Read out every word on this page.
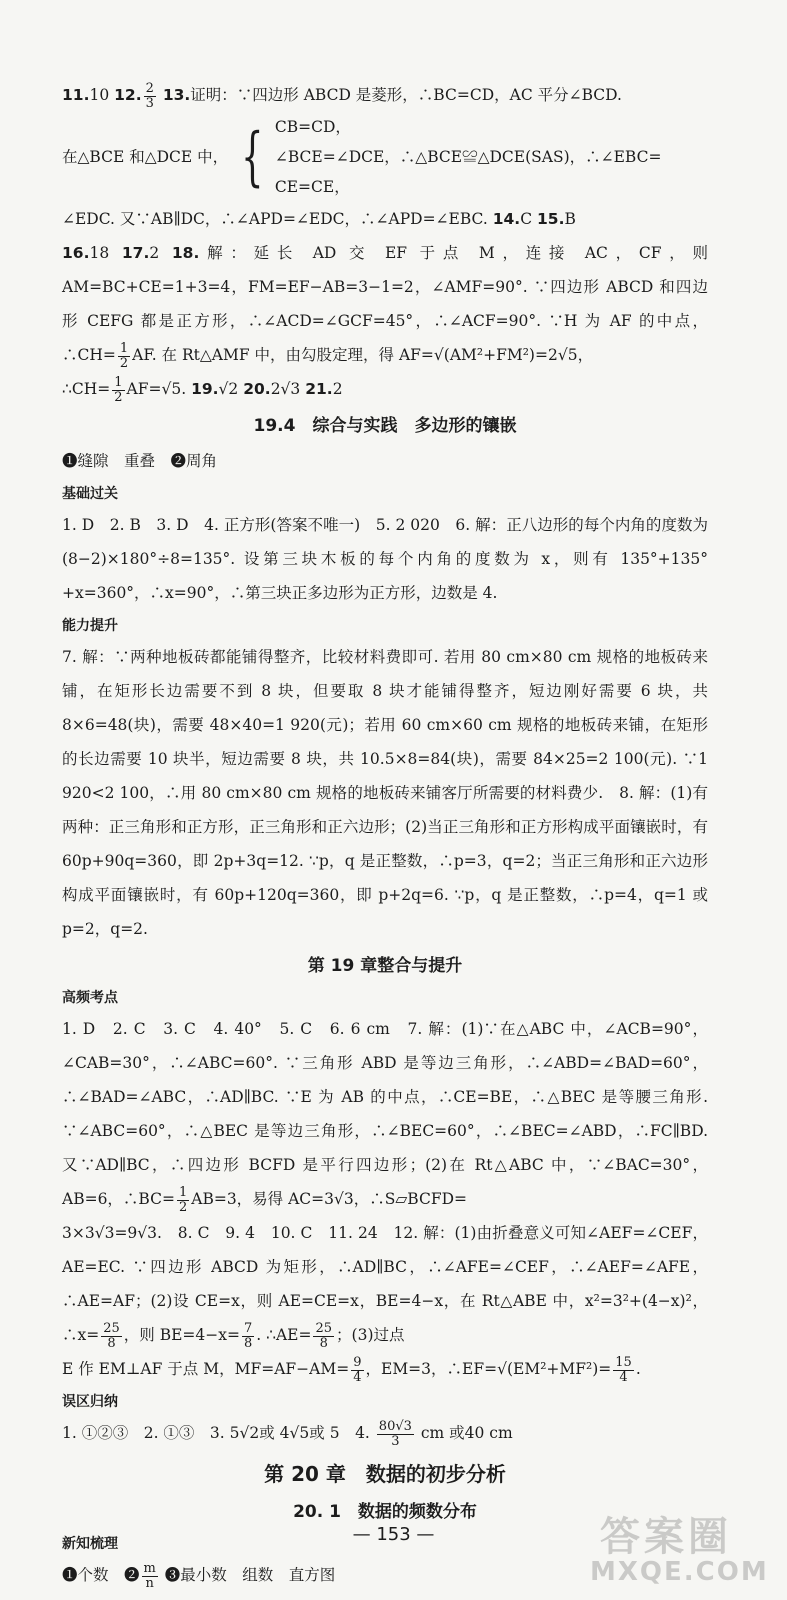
11.10 12. $\frac{2}{3} 13$.证明：∵四边形 ABCD 是菱形，∴BC=CD，AC 平分∠BCD.

在△BCE 和△DCE 中， { CB=CD，
∠BCE=∠DCE，∴△BCE≌△DCE(SAS)，∴∠EBC=
CE=CE，

∠EDC. 又∵AB∥DC，∴∠APD=∠EDC，∴∠APD=∠EBC. 14.C 15.B

16.18 17.2 18.解：延长 AD 交 EF 于点 M，连接 AC，CF，则 AM=BC+CE=1+3=4，FM=EF−AB=3−1=2，∠AMF=90°. ∵四边形 ABCD 和四边形 CEFG 都是正方形，∴∠ACD=∠GCF=45°，∴∠ACF=90°. ∵H 为 AF 的中点，∴CH= $\frac{1}{2}$ AF. 在 Rt△AMF 中，由勾股定理，得 AF=√(AM²+FM²)=2√5，

∴CH= $\frac{1}{2} AF=√5$. 19.√2 20.2√3 21.2

19.4　综合与实践　多边形的镶嵌

❶缝隙　重叠　❷周角

基础过关

1. D　2. B　3. D　4. 正方形(答案不唯一)　5. 2 020　6. 解：正八边形的每个内角的度数为(8−2)×180°÷8=135°. 设第三块木板的每个内角的度数为 x，则有 135°+135°+x=360°，∴x=90°，∴第三块正多边形为正方形，边数是 4.

能力提升

7. 解：∵两种地板砖都能铺得整齐，比较材料费即可. 若用 80 cm×80 cm 规格的地板砖来铺，在矩形长边需要不到 8 块，但要取 8 块才能铺得整齐，短边刚好需要 6 块，共 8×6=48(块)，需要 48×40=1 920(元)；若用 60 cm×60 cm 规格的地板砖来铺，在矩形的长边需要 10 块半，短边需要 8 块，共 10.5×8=84(块)，需要 84×25=2 100(元). ∵1 920<2 100，∴用 80 cm×80 cm 规格的地板砖来铺客厅所需要的材料费少.　8. 解：(1)有两种：正三角形和正方形，正三角形和正六边形；(2)当正三角形和正方形构成平面镶嵌时，有 60p+90q=360，即 2p+3q=12. ∵p，q 是正整数，∴p=3，q=2；当正三角形和正六边形构成平面镶嵌时，有 60p+120q=360，即 p+2q=6. ∵p，q 是正整数，∴p=4，q=1 或 p=2，q=2.

第 19 章整合与提升
高频考点

1. D　2. C　3. C　4. 40°　5. C　6. 6 cm　7. 解：(1)∵在△ABC 中，∠ACB=90°，∠CAB=30°，∴∠ABC=60°. ∵三角形 ABD 是等边三角形，∴∠ABD=∠BAD=60°，∴∠BAD=∠ABC，∴AD∥BC. ∵E 为 AB 的中点，∴CE=BE，∴△BEC 是等腰三角形. ∵∠ABC=60°，∴△BEC 是等边三角形，∴∠BEC=60°，∴∠BEC=∠ABD，∴FC∥BD. 又∵AD∥BC，∴四边形 BCFD 是平行四边形；(2)在 Rt△ABC 中，∵∠BAC=30°，AB=6，∴BC= $\frac{1}{2} AB=3$，易得 AC=3√3，∴S▱BCFD=

3×3√3=9√3.　8. C　9. 4　10. C　11. 24　12. 解：(1)由折叠意义可知∠AEF=∠CEF，AE=EC. ∵四边形 ABCD 为矩形，∴AD∥BC，∴∠AFE=∠CEF，∴∠AEF=∠AFE，∴AE=AF；(2)设 CE=x，则 AE=CE=x，BE=4−x，在 Rt△ABE 中，x²=3²+(4−x)²，∴x= $\frac{25}{8}$ ，则 $BE=4-x= \frac{7}{8}$ . ∴AE= $\frac{25}{8}$ ；(3)过点

E 作 EM⊥AF 于点 M，$MF=AF-AM= \frac{9}{4}$ ，EM=3，∴EF=√(EM²+MF²)= $\frac{15}{4}$ .

误区归纳

1. ①②③　2. ①③　3. 5√2或 4√5或 5　4. $\frac{80√3}{3}$ cm 或40 cm

第 20 章　数据的初步分析
20. 1　数据的频数分布
新知梳理

❶个数　❷ $\frac{m}{n}$ ❸最小数　组数　直方图

— 153 —	答案圈
MXQE.COM
